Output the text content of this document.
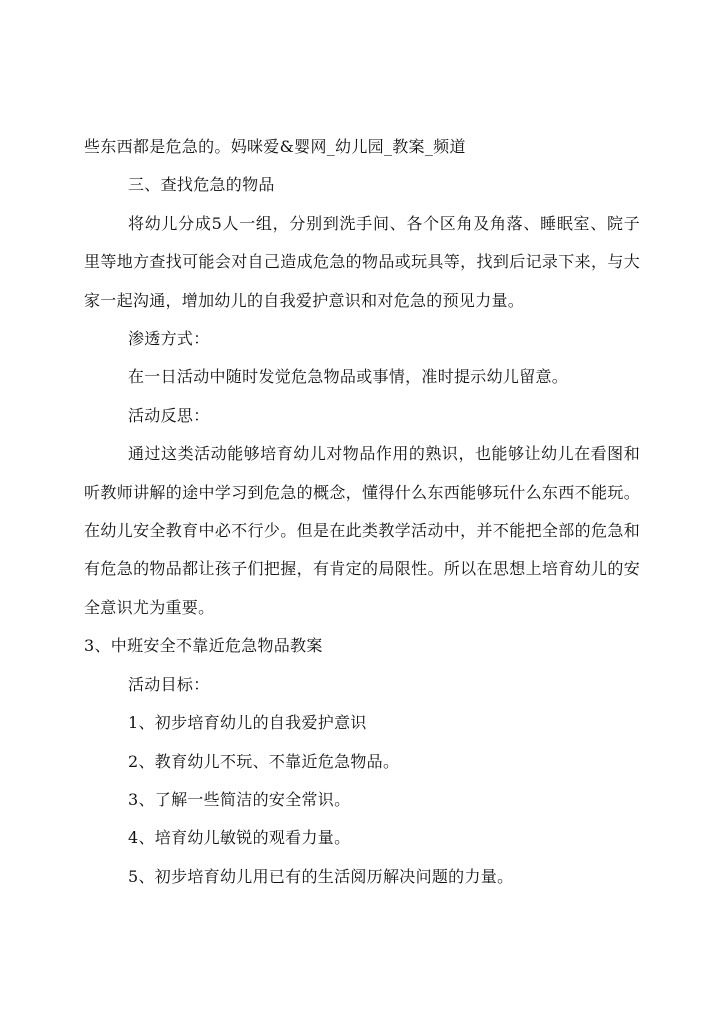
些东西都是危急的。妈咪爱&婴网_幼儿园_教案_频道

三、查找危急的物品

将幼儿分成5人一组，分别到洗手间、各个区角及角落、睡眠室、院子里等地方查找可能会对自己造成危急的物品或玩具等，找到后记录下来，与大家一起沟通，增加幼儿的自我爱护意识和对危急的预见力量。

渗透方式：

在一日活动中随时发觉危急物品或事情，准时提示幼儿留意。

活动反思：

通过这类活动能够培育幼儿对物品作用的熟识，也能够让幼儿在看图和听教师讲解的途中学习到危急的概念，懂得什么东西能够玩什么东西不能玩。在幼儿安全教育中必不行少。但是在此类教学活动中，并不能把全部的危急和有危急的物品都让孩子们把握，有肯定的局限性。所以在思想上培育幼儿的安全意识尤为重要。

3、中班安全不靠近危急物品教案

活动目标：

1、初步培育幼儿的自我爱护意识

2、教育幼儿不玩、不靠近危急物品。

3、了解一些简洁的安全常识。

4、培育幼儿敏锐的观看力量。

5、初步培育幼儿用已有的生活阅历解决问题的力量。
